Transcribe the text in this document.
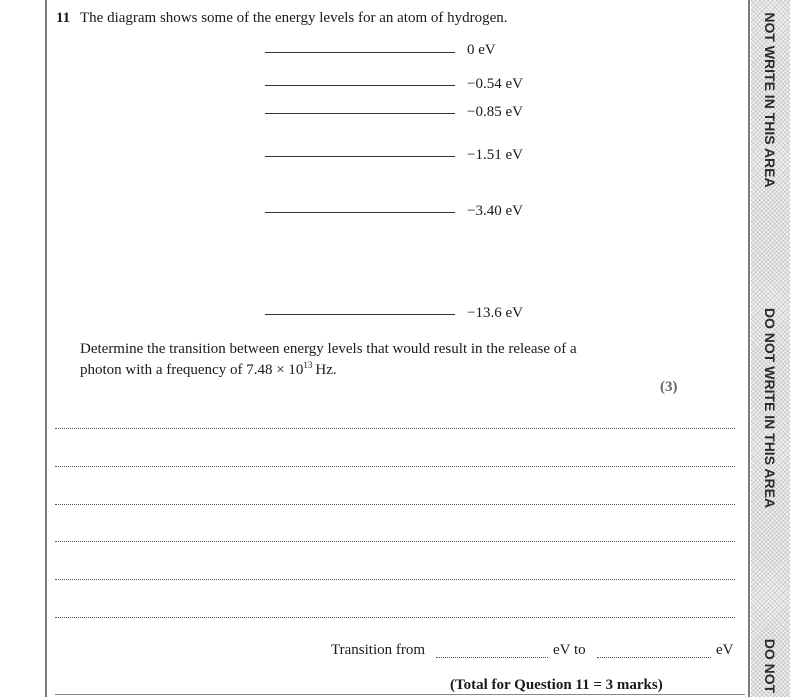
NOT WRITE IN THIS AREA
DO NOT WRITE IN THIS AREA
DO NOT
11 The diagram shows some of the energy levels for an atom of hydrogen.
0 eV
−0.54 eV
−0.85 eV
−1.51 eV
−3.40 eV
−13.6 eV
Determine the transition between energy levels that would result in the release of a
photon with a frequency of $7.48 \times 10^{13}$ Hz.
(3)
Transition from	eV to	eV
(Total for Question 11 = 3 marks)
